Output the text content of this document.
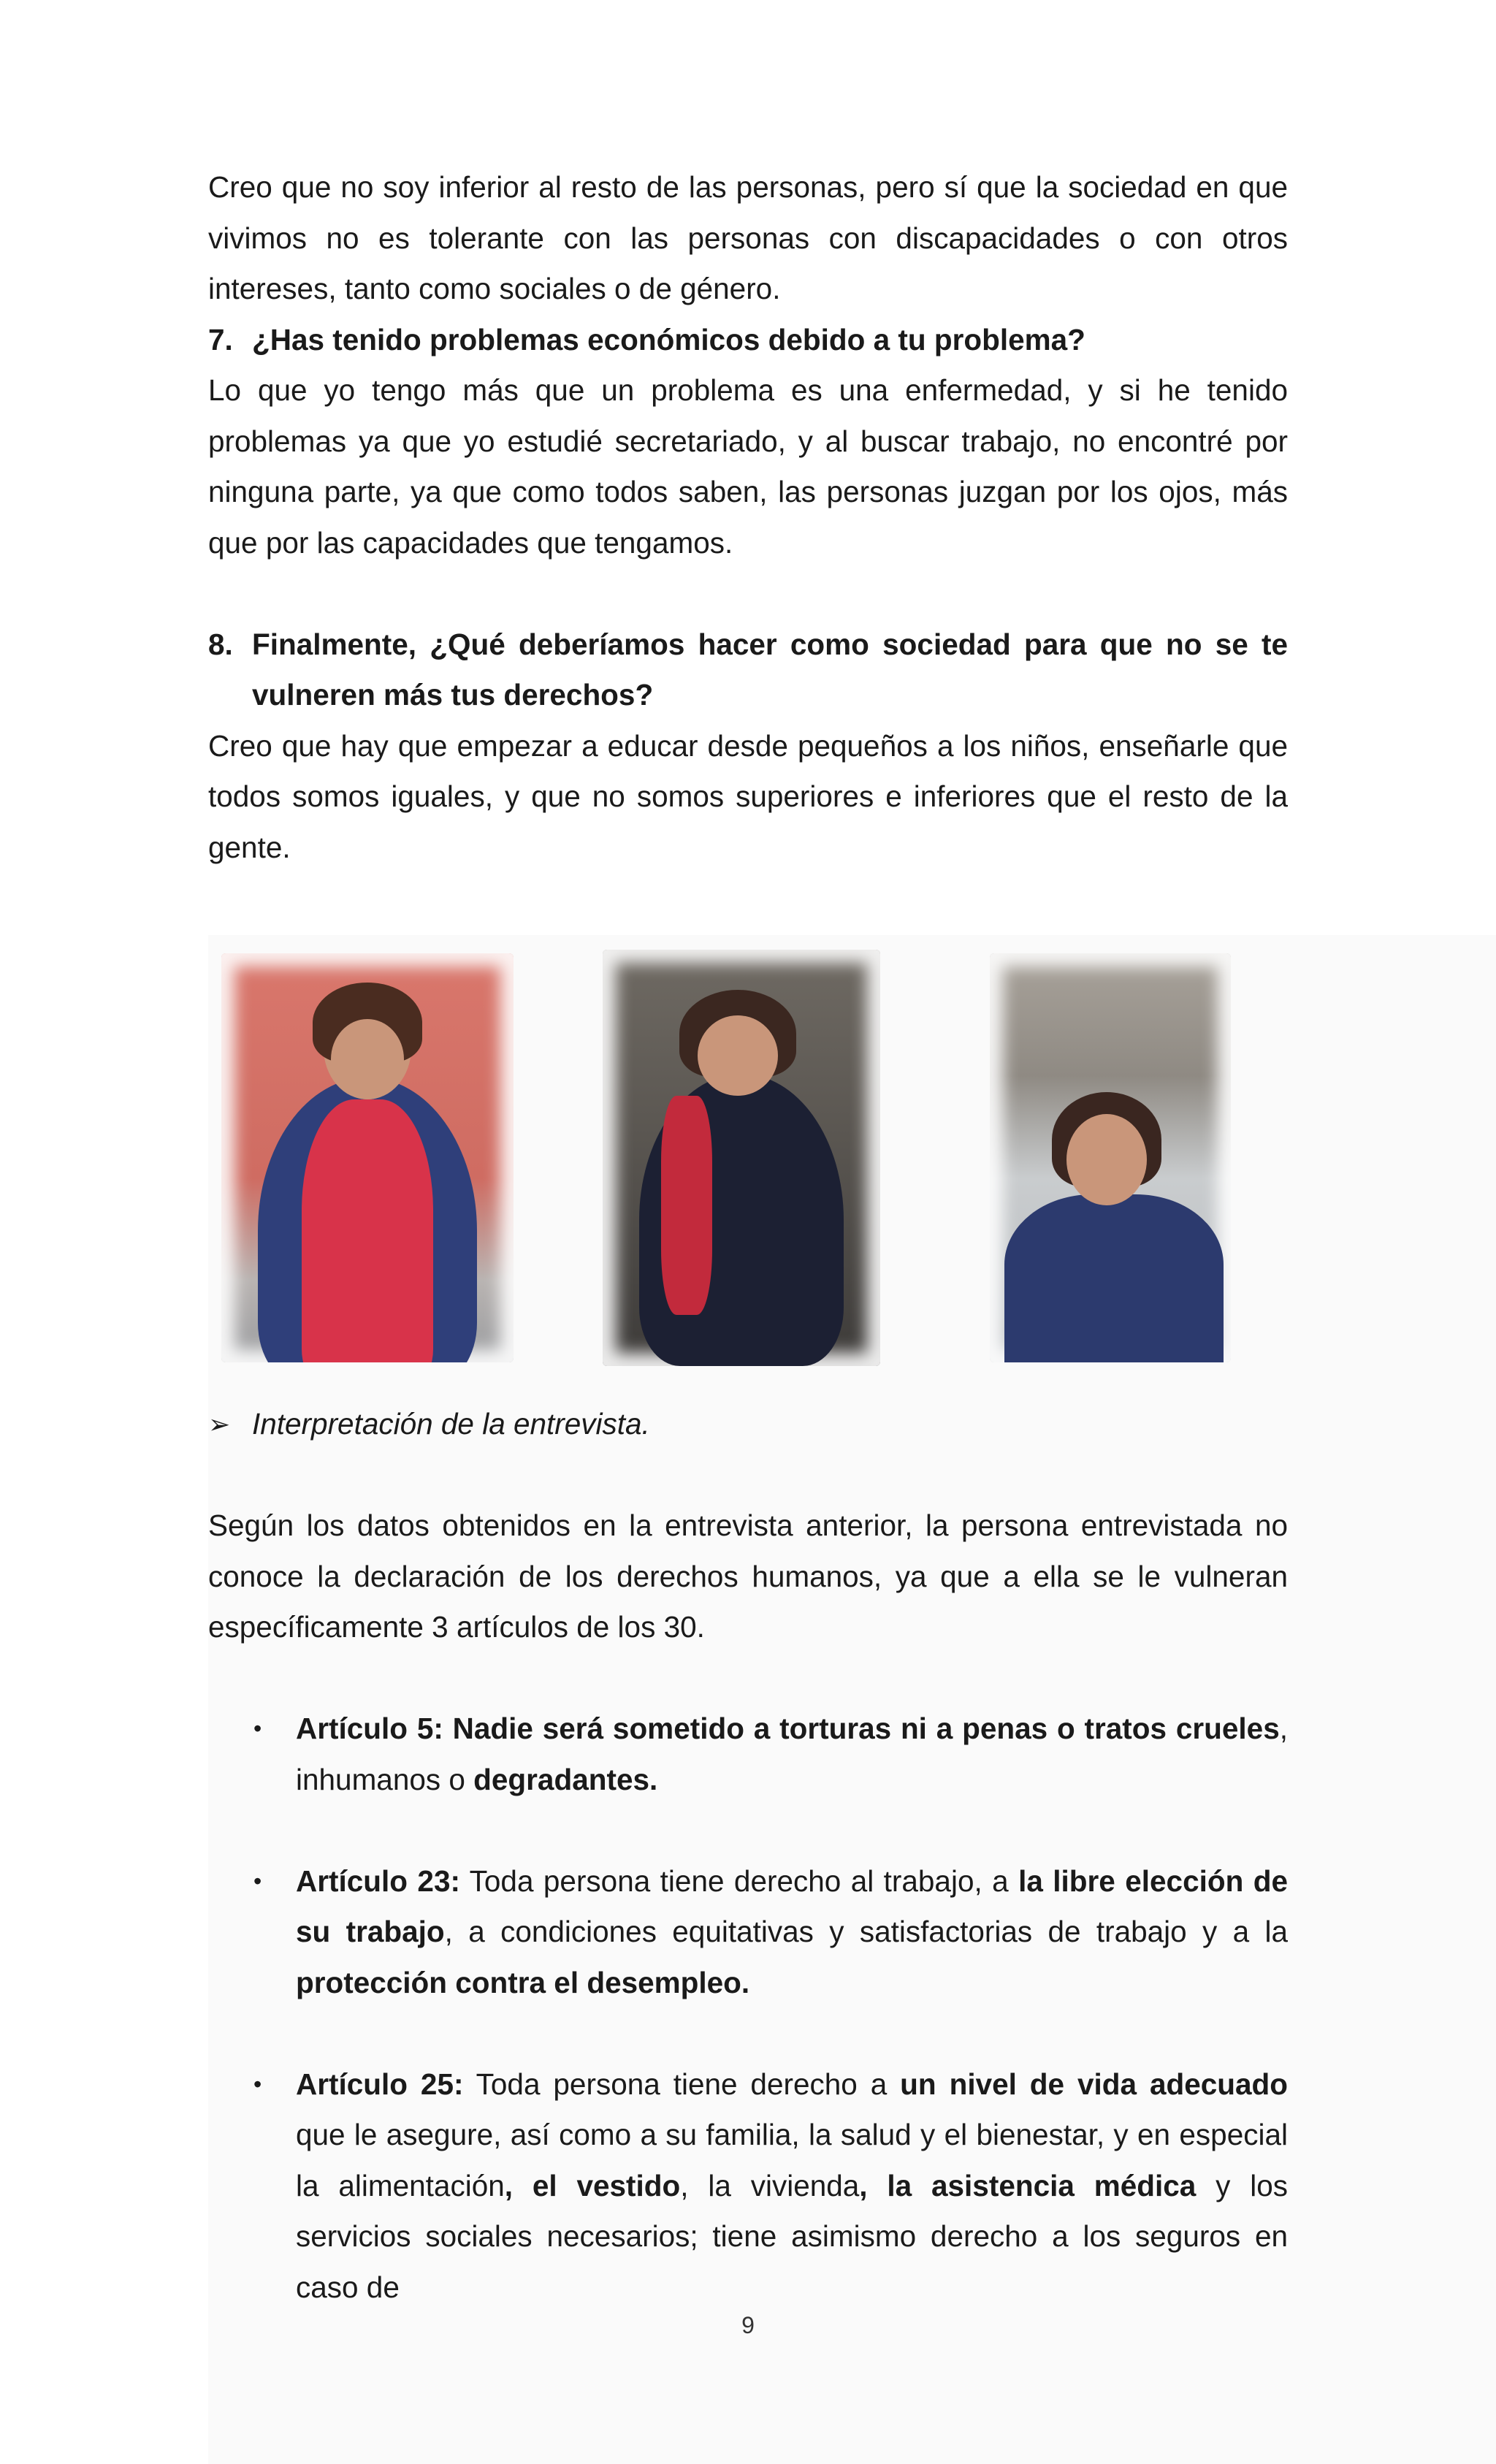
Creo que no soy inferior al resto de las personas, pero sí que la sociedad en que vivimos no es tolerante con las personas con discapacidades o con otros intereses, tanto como sociales o de género.

7. ¿Has tenido problemas económicos debido a tu problema?

Lo que yo tengo más que un problema es una enfermedad, y si he tenido problemas ya que yo estudié secretariado, y al buscar trabajo, no encontré por ninguna parte, ya que como todos saben, las personas juzgan por los ojos, más que por las capacidades que tengamos.

8. Finalmente, ¿Qué deberíamos hacer como sociedad para que no se te vulneren más tus derechos?

Creo que hay que empezar a educar desde pequeños a los niños, enseñarle que todos somos iguales, y que no somos superiores e inferiores que el resto de la gente.

➢ Interpretación de la entrevista.

Según los datos obtenidos en la entrevista anterior, la persona entrevistada no conoce la declaración de los derechos humanos, ya que a ella se le vulneran específicamente 3 artículos de los 30.

•	Artículo 5: Nadie será sometido a torturas ni a penas o tratos crueles, inhumanos o degradantes.
•	Artículo 23: Toda persona tiene derecho al trabajo, a la libre elección de su trabajo, a condiciones equitativas y satisfactorias de trabajo y a la protección contra el desempleo.
•	Artículo 25: Toda persona tiene derecho a un nivel de vida adecuado que le asegure, así como a su familia, la salud y el bienestar, y en especial la alimentación, el vestido, la vivienda, la asistencia médica y los servicios sociales necesarios; tiene asimismo derecho a los seguros en caso de
9
